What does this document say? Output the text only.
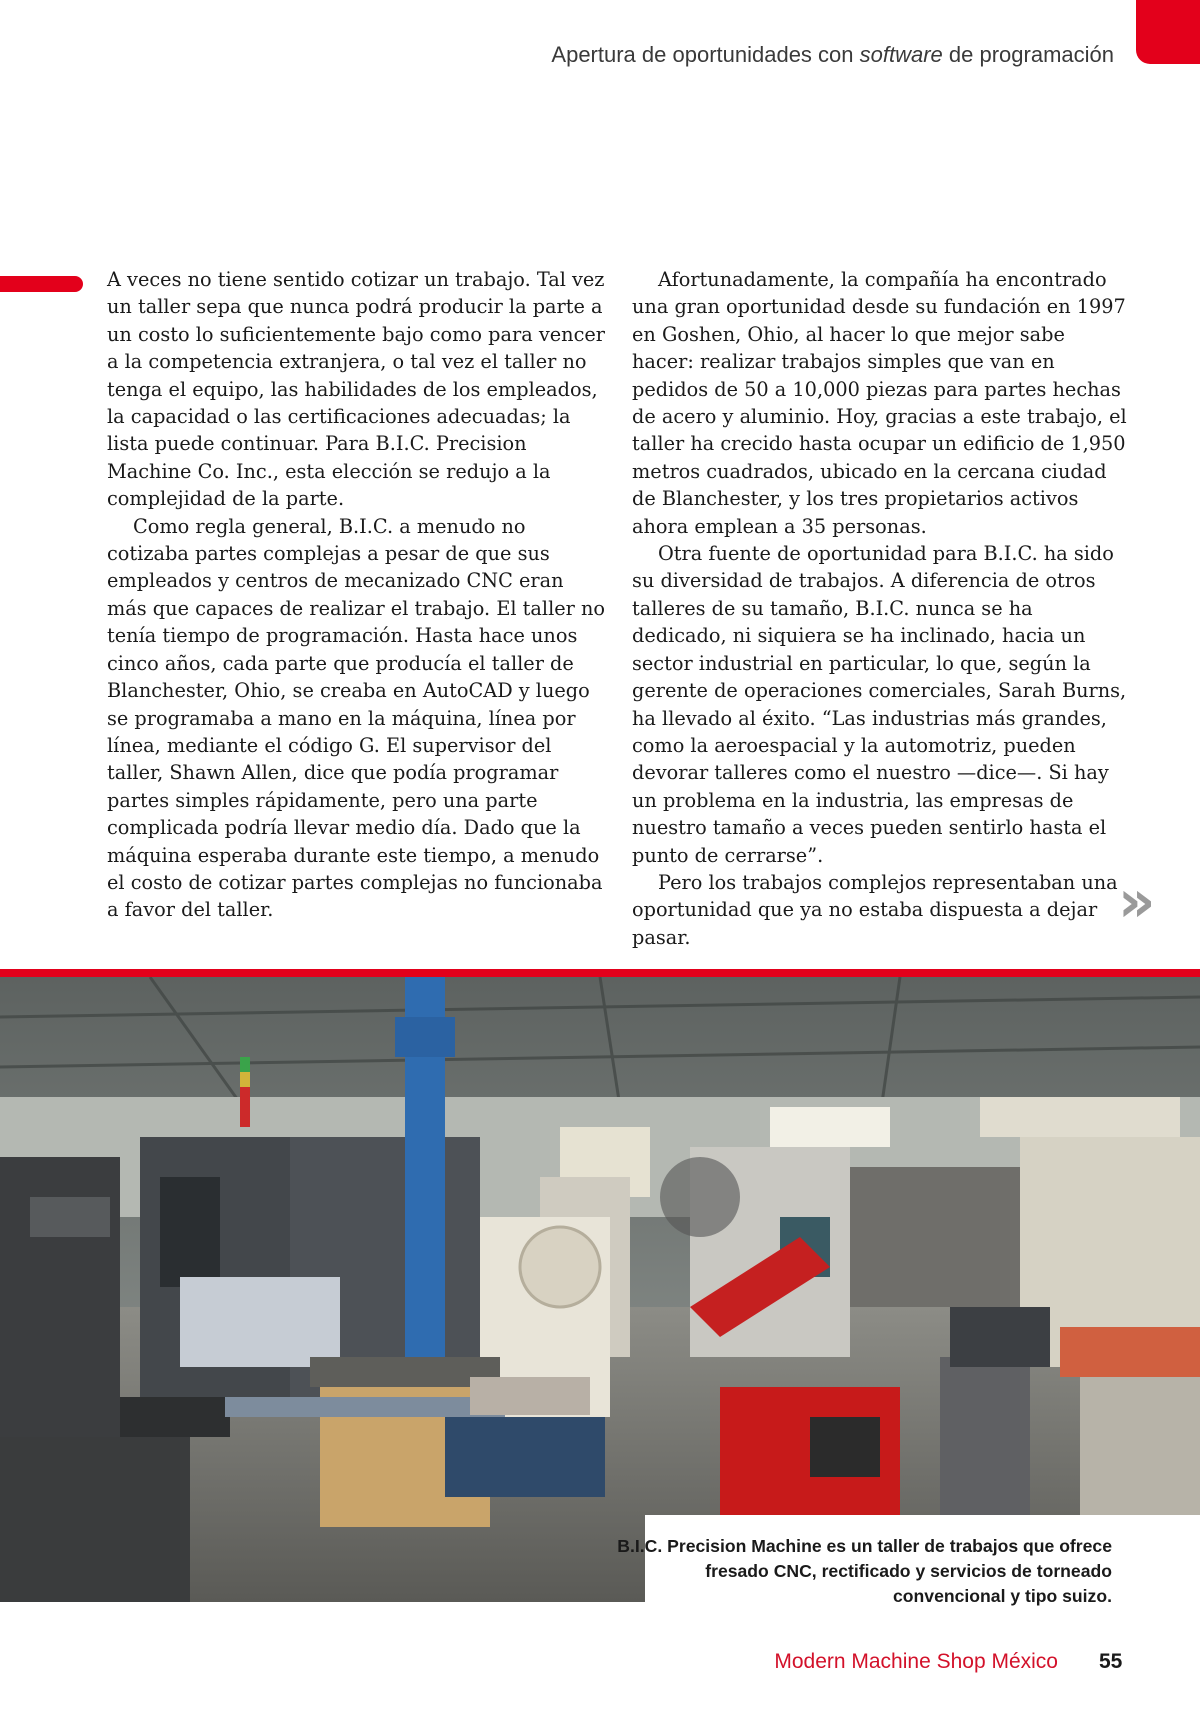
Apertura de oportunidades con software de programación

A veces no tiene sentido cotizar un trabajo. Tal vez un taller sepa que nunca podrá producir la parte a un costo lo suficientemente bajo como para vencer a la competencia extranjera, o tal vez el taller no tenga el equipo, las habilidades de los empleados, la capacidad o las certificaciones adecuadas; la lista puede continuar. Para B.I.C. Precision Machine Co. Inc., esta elección se redujo a la complejidad de la parte.

Como regla general, B.I.C. a menudo no cotizaba partes complejas a pesar de que sus empleados y centros de mecanizado CNC eran más que capaces de realizar el trabajo. El taller no tenía tiempo de programación. Hasta hace unos cinco años, cada parte que producía el taller de Blanchester, Ohio, se creaba en AutoCAD y luego se programaba a mano en la máquina, línea por línea, mediante el código G. El supervisor del taller, Shawn Allen, dice que podía programar partes simples rápidamente, pero una parte complicada podría llevar medio día. Dado que la máquina esperaba durante este tiempo, a menudo el costo de cotizar partes complejas no funcionaba a favor del taller.

Afortunadamente, la compañía ha encontrado una gran oportunidad desde su fundación en 1997 en Goshen, Ohio, al hacer lo que mejor sabe hacer: realizar trabajos simples que van en pedidos de 50 a 10,000 piezas para partes hechas de acero y aluminio. Hoy, gracias a este trabajo, el taller ha crecido hasta ocupar un edificio de 1,950 metros cuadrados, ubicado en la cercana ciudad de Blanchester, y los tres propietarios activos ahora emplean a 35 personas.

Otra fuente de oportunidad para B.I.C. ha sido su diversidad de trabajos. A diferencia de otros talleres de su tamaño, B.I.C. nunca se ha dedicado, ni siquiera se ha inclinado, hacia un sector industrial en particular, lo que, según la gerente de operaciones comerciales, Sarah Burns, ha llevado al éxito. “Las industrias más grandes, como la aeroespacial y la automotriz, pueden devorar talleres como el nuestro —dice—. Si hay un problema en la industria, las empresas de nuestro tamaño a veces pueden sentirlo hasta el punto de cerrarse”.

Pero los trabajos complejos representaban una oportunidad que ya no estaba dispuesta a dejar pasar.

»
B.I.C. Precision Machine es un taller de trabajos que ofrece fresado CNC, rectificado y servicios de torneado convencional y tipo suizo.
Modern Machine Shop México 55
